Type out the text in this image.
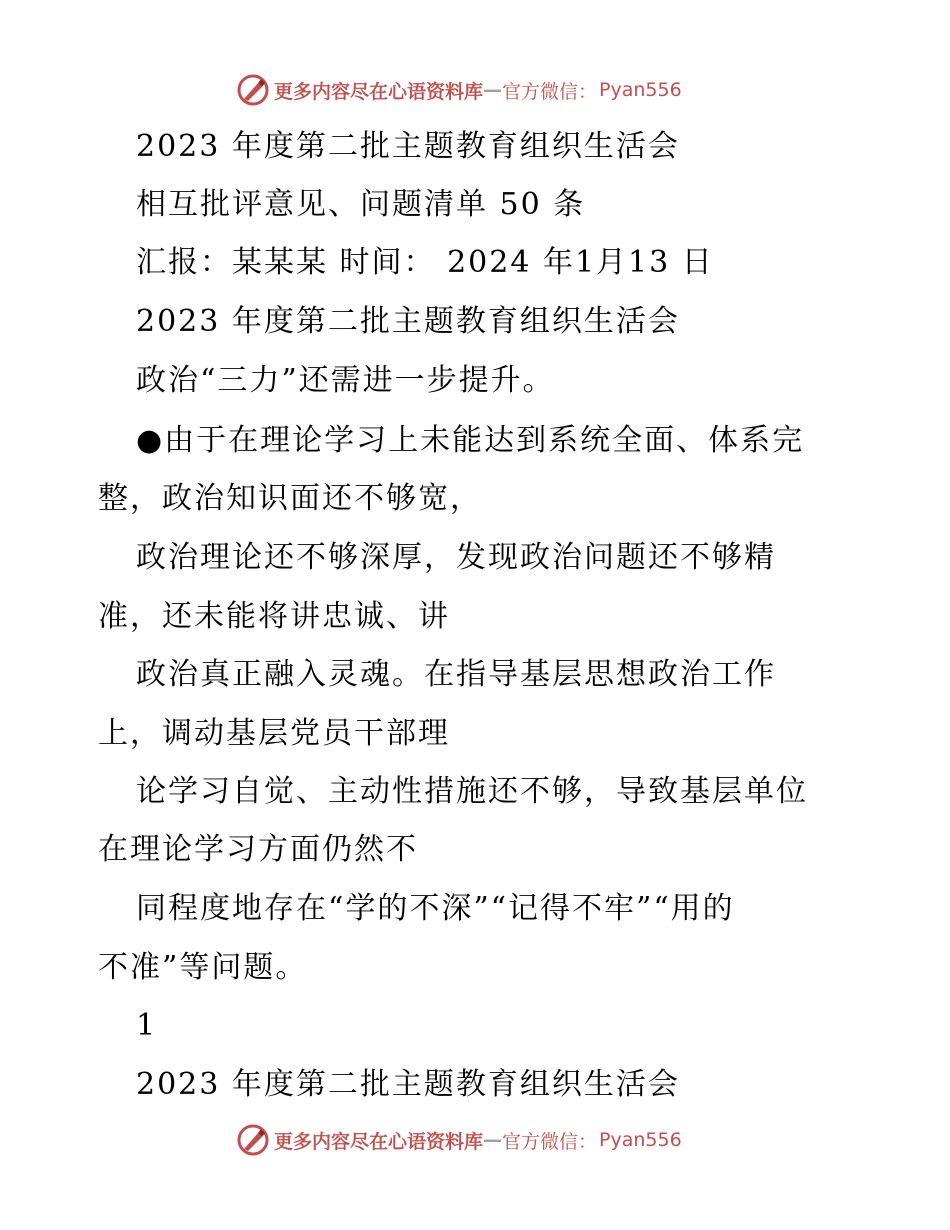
更多内容尽在心语资料库 — 官方微信： Pyan556
2023 年度第二批主题教育组织生活会
相互批评意见、问题清单 50 条
汇报：某某某 时间： 2024 年1月13 日
2023 年度第二批主题教育组织生活会
政治“三力”还需进一步提升。
●由于在理论学习上未能达到系统全面、体系完
整，政治知识面还不够宽，
政治理论还不够深厚，发现政治问题还不够精
准，还未能将讲忠诚、讲
政治真正融入灵魂。在指导基层思想政治工作
上，调动基层党员干部理
论学习自觉、主动性措施还不够，导致基层单位
在理论学习方面仍然不
同程度地存在“学的不深”“记得不牢”“用的
不准”等问题。
1
2023 年度第二批主题教育组织生活会
更多内容尽在心语资料库 — 官方微信： Pyan556
